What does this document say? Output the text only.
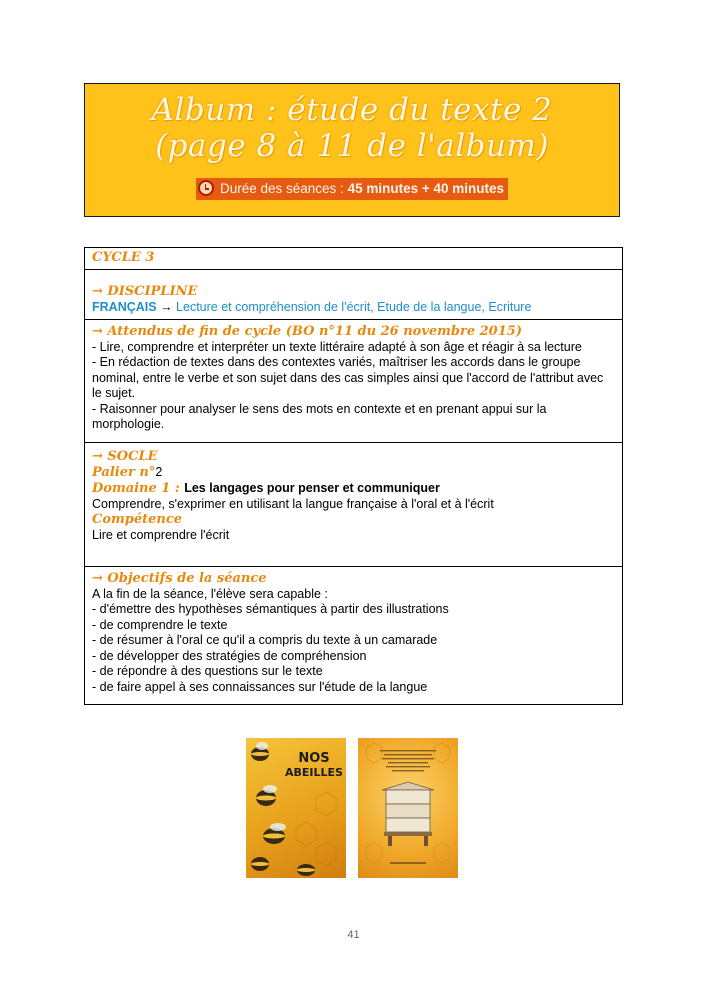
Album : étude du texte 2
(page 8 à 11 de l'album)
Durée des séances : 45 minutes + 40 minutes
CYCLE 3

→ DISCIPLINE
FRANÇAIS → Lecture et compréhension de l'écrit, Etude de la langue, Ecriture

→ Attendus de fin de cycle (BO n°11 du 26 novembre 2015)
- Lire, comprendre et interpréter un texte littéraire adapté à son âge et réagir à sa lecture
- En rédaction de textes dans des contextes variés, maîtriser les accords dans le groupe nominal, entre le verbe et son sujet dans des cas simples ainsi que l'accord de l'attribut avec le sujet.
- Raisonner pour analyser le sens des mots en contexte et en prenant appui sur la morphologie.

→ SOCLE
Palier n°2
Domaine 1 : Les langages pour penser et communiquer
Comprendre, s'exprimer en utilisant la langue française à l'oral et à l'écrit
Compétence
Lire et comprendre l'écrit

→ Objectifs de la séance
A la fin de la séance, l'élève sera capable :
- d'émettre des hypothèses sémantiques à partir des illustrations
- de comprendre le texte
- de résumer à l'oral ce qu'il a compris du texte à un camarade
- de développer des stratégies de compréhension
- de répondre à des questions sur le texte
- de faire appel à ses connaissances sur l'étude de la langue
NOS
ABEILLES
41
